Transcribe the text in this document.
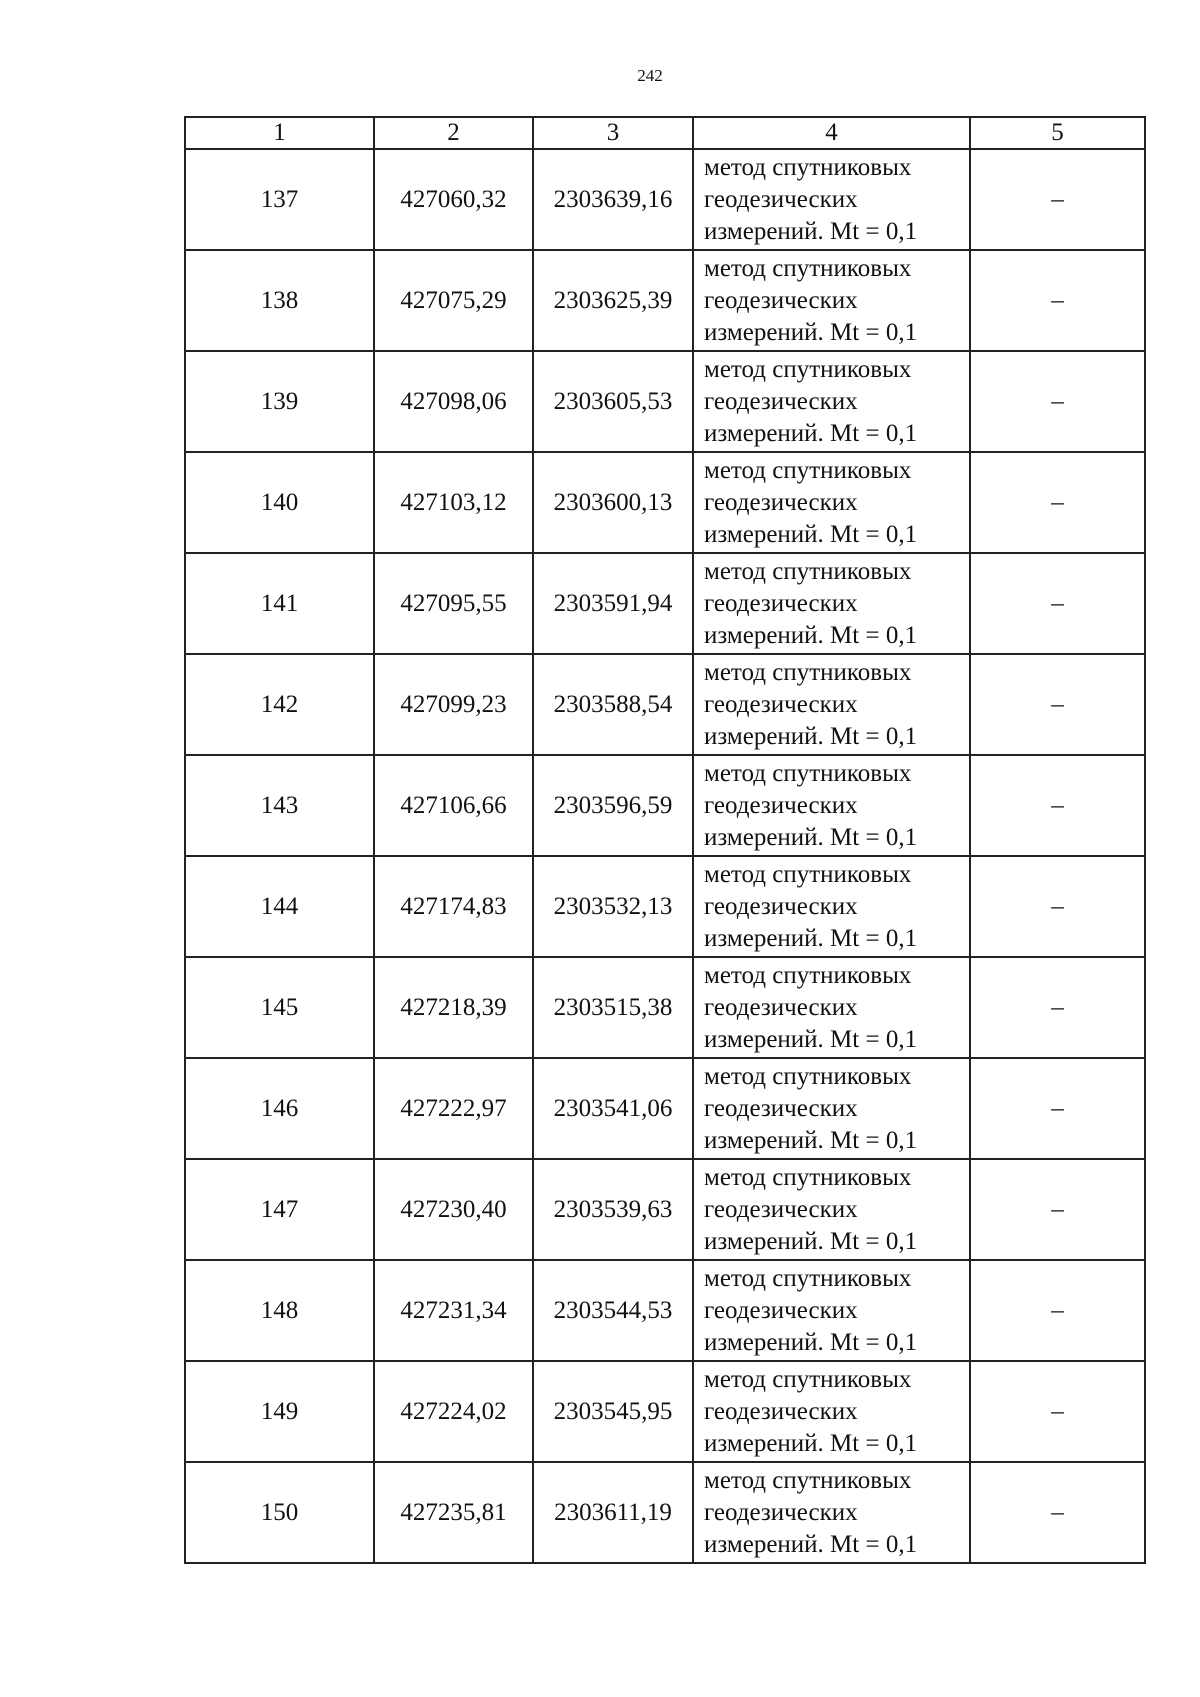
242
1	2	3	4	5
137	427060,32	2303639,16	метод спутниковых
геодезических
измерений. Mt = 0,1	–
138	427075,29	2303625,39	метод спутниковых
геодезических
измерений. Mt = 0,1	–
139	427098,06	2303605,53	метод спутниковых
геодезических
измерений. Mt = 0,1	–
140	427103,12	2303600,13	метод спутниковых
геодезических
измерений. Mt = 0,1	–
141	427095,55	2303591,94	метод спутниковых
геодезических
измерений. Mt = 0,1	–
142	427099,23	2303588,54	метод спутниковых
геодезических
измерений. Mt = 0,1	–
143	427106,66	2303596,59	метод спутниковых
геодезических
измерений. Mt = 0,1	–
144	427174,83	2303532,13	метод спутниковых
геодезических
измерений. Mt = 0,1	–
145	427218,39	2303515,38	метод спутниковых
геодезических
измерений. Mt = 0,1	–
146	427222,97	2303541,06	метод спутниковых
геодезических
измерений. Mt = 0,1	–
147	427230,40	2303539,63	метод спутниковых
геодезических
измерений. Mt = 0,1	–
148	427231,34	2303544,53	метод спутниковых
геодезических
измерений. Mt = 0,1	–
149	427224,02	2303545,95	метод спутниковых
геодезических
измерений. Mt = 0,1	–
150	427235,81	2303611,19	метод спутниковых
геодезических
измерений. Mt = 0,1	–
